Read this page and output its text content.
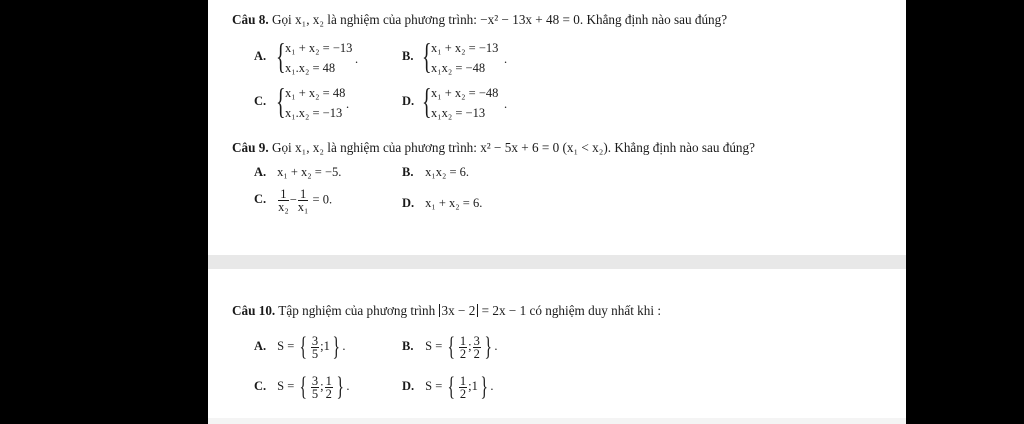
Câu 8. Gọi x₁, x₂ là nghiệm của phương trình: −x² − 13x + 48 = 0. Khẳng định nào sau đúng?
A. { x₁ + x₂ = −13
x₁.x₂ = 48
.	B. { x₁ + x₂ = −13
x₁x₂ = −48
.
C. { x₁ + x₂ = 48
x₁.x₂ = −13
.	D. { x₁ + x₂ = −48
x₁x₂ = −13
.
Câu 9. Gọi x₁, x₂ là nghiệm của phương trình: x² − 5x + 6 = 0 (x₁ < x₂). Khẳng định nào sau đúng?
A. x₁ + x₂ = −5.	B. x₁x₂ = 6.
C. $\frac{1}{\text{x₂}} - \frac{1}{\text{x₁}} = 0$.	D. x₁ + x₂ = 6.
Câu 10. Tập nghiệm của phương trình 3x − 2 = 2x − 1 có nghiệm duy nhất khi :
A. S = { $\frac{3}{5}$ ;1} .	B. S = { $\frac{1}{2}$ ; $\frac{3}{2}$ } .
C. S = { $\frac{3}{5}$ ; $\frac{1}{2}$ } .	D. S = { $\frac{1}{2}$ ;1} .
